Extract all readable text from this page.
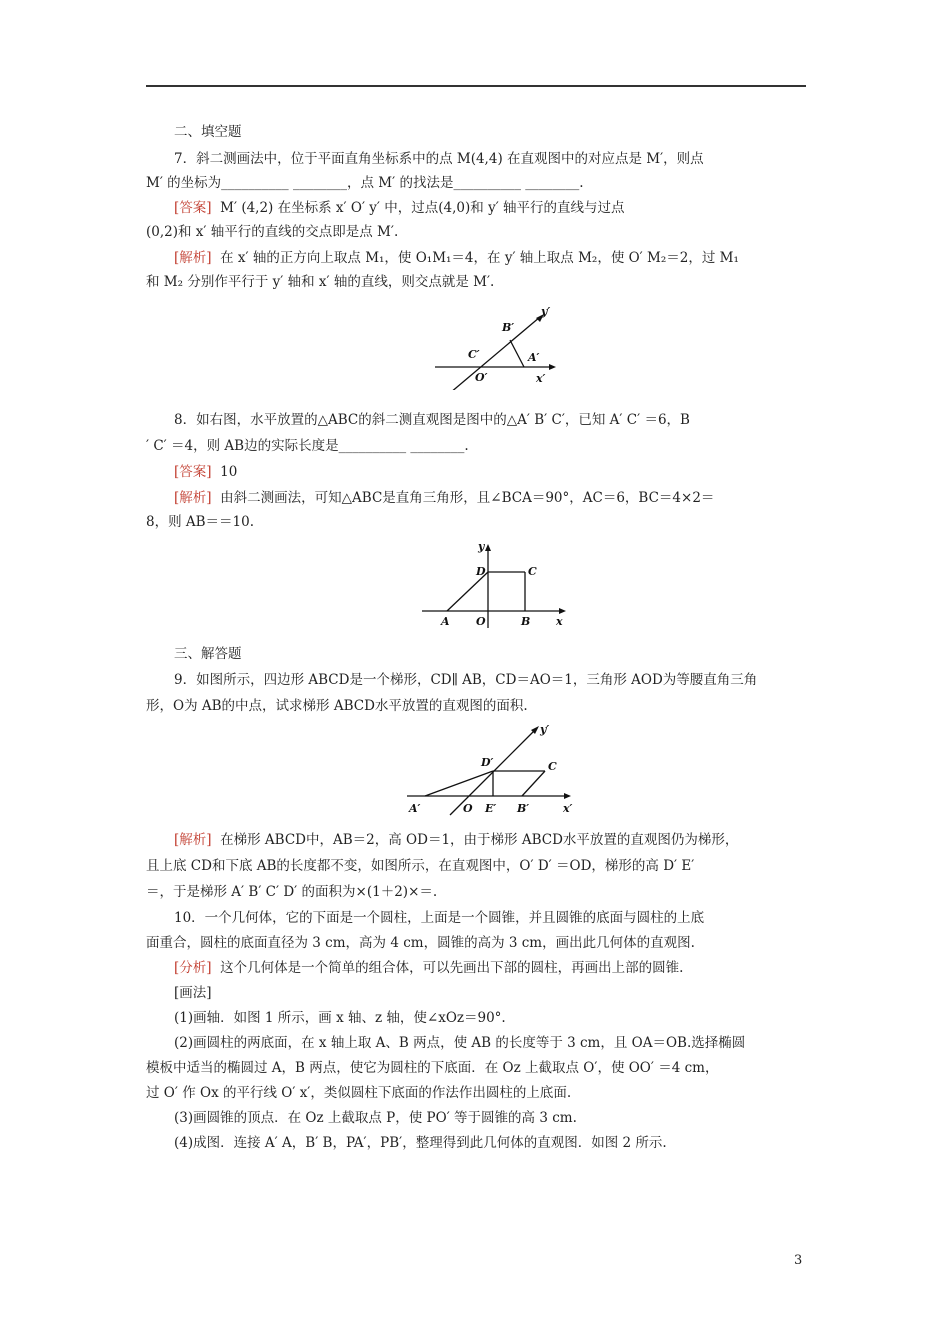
二、填空题
7．斜二测画法中，位于平面直角坐标系中的点 M(4,4) 在直观图中的对应点是 M′，则点
M′ 的坐标为__________ ________，点 M′ 的找法是__________ ________.
[答案] M′ (4,2) 在坐标系 x′ O′ y′ 中，过点(4,0)和 y′ 轴平行的直线与过点
(0,2)和 x′ 轴平行的直线的交点即是点 M′.
[解析] 在 x′ 轴的正方向上取点 M₁，使 O₁M₁＝4，在 y′ 轴上取点 M₂，使 O′ M₂＝2，过 M₁
和 M₂ 分别作平行于 y′ 轴和 x′ 轴的直线，则交点就是 M′.
B′
y′
C′	A′
O′	x′
8．如右图，水平放置的△ABC的斜二测直观图是图中的△A′ B′ C′，已知 A′ C′ ＝6，B
′ C′ ＝4，则 AB边的实际长度是__________ ________.
[答案] 10
[解析] 由斜二测画法，可知△ABC是直角三角形，且∠BCA＝90°，AC＝6，BC＝4×2＝
8，则 AB＝＝10.
y
D	C
A O	B x
三、解答题
9．如图所示，四边形 ABCD是一个梯形，CD∥ AB，CD＝AO＝1，三角形 AOD为等腰直角三角
形，O为 AB的中点，试求梯形 ABCD水平放置的直观图的面积.
y′
D′	C
A′	O E′ B′	x′
[解析] 在梯形 ABCD中，AB＝2，高 OD＝1，由于梯形 ABCD水平放置的直观图仍为梯形，
且上底 CD和下底 AB的长度都不变，如图所示，在直观图中，O′ D′ ＝OD，梯形的高 D′ E′
＝，于是梯形 A′ B′ C′ D′ 的面积为×(1＋2)×＝.
10．一个几何体，它的下面是一个圆柱，上面是一个圆锥，并且圆锥的底面与圆柱的上底
面重合，圆柱的底面直径为 3 cm，高为 4 cm，圆锥的高为 3 cm，画出此几何体的直观图.
[分析] 这个几何体是一个简单的组合体，可以先画出下部的圆柱，再画出上部的圆锥.
[画法]
(1)画轴．如图 1 所示，画 x 轴、z 轴，使∠xOz＝90°.
(2)画圆柱的两底面，在 x 轴上取 A、B 两点，使 AB 的长度等于 3 cm，且 OA＝OB.选择椭圆
模板中适当的椭圆过 A，B 两点，使它为圆柱的下底面．在 Oz 上截取点 O′，使 OO′ ＝4 cm，
过 O′ 作 Ox 的平行线 O′ x′，类似圆柱下底面的作法作出圆柱的上底面.
(3)画圆锥的顶点．在 Oz 上截取点 P，使 PO′ 等于圆锥的高 3 cm.
(4)成图．连接 A′ A，B′ B，PA′，PB′，整理得到此几何体的直观图．如图 2 所示.
3
